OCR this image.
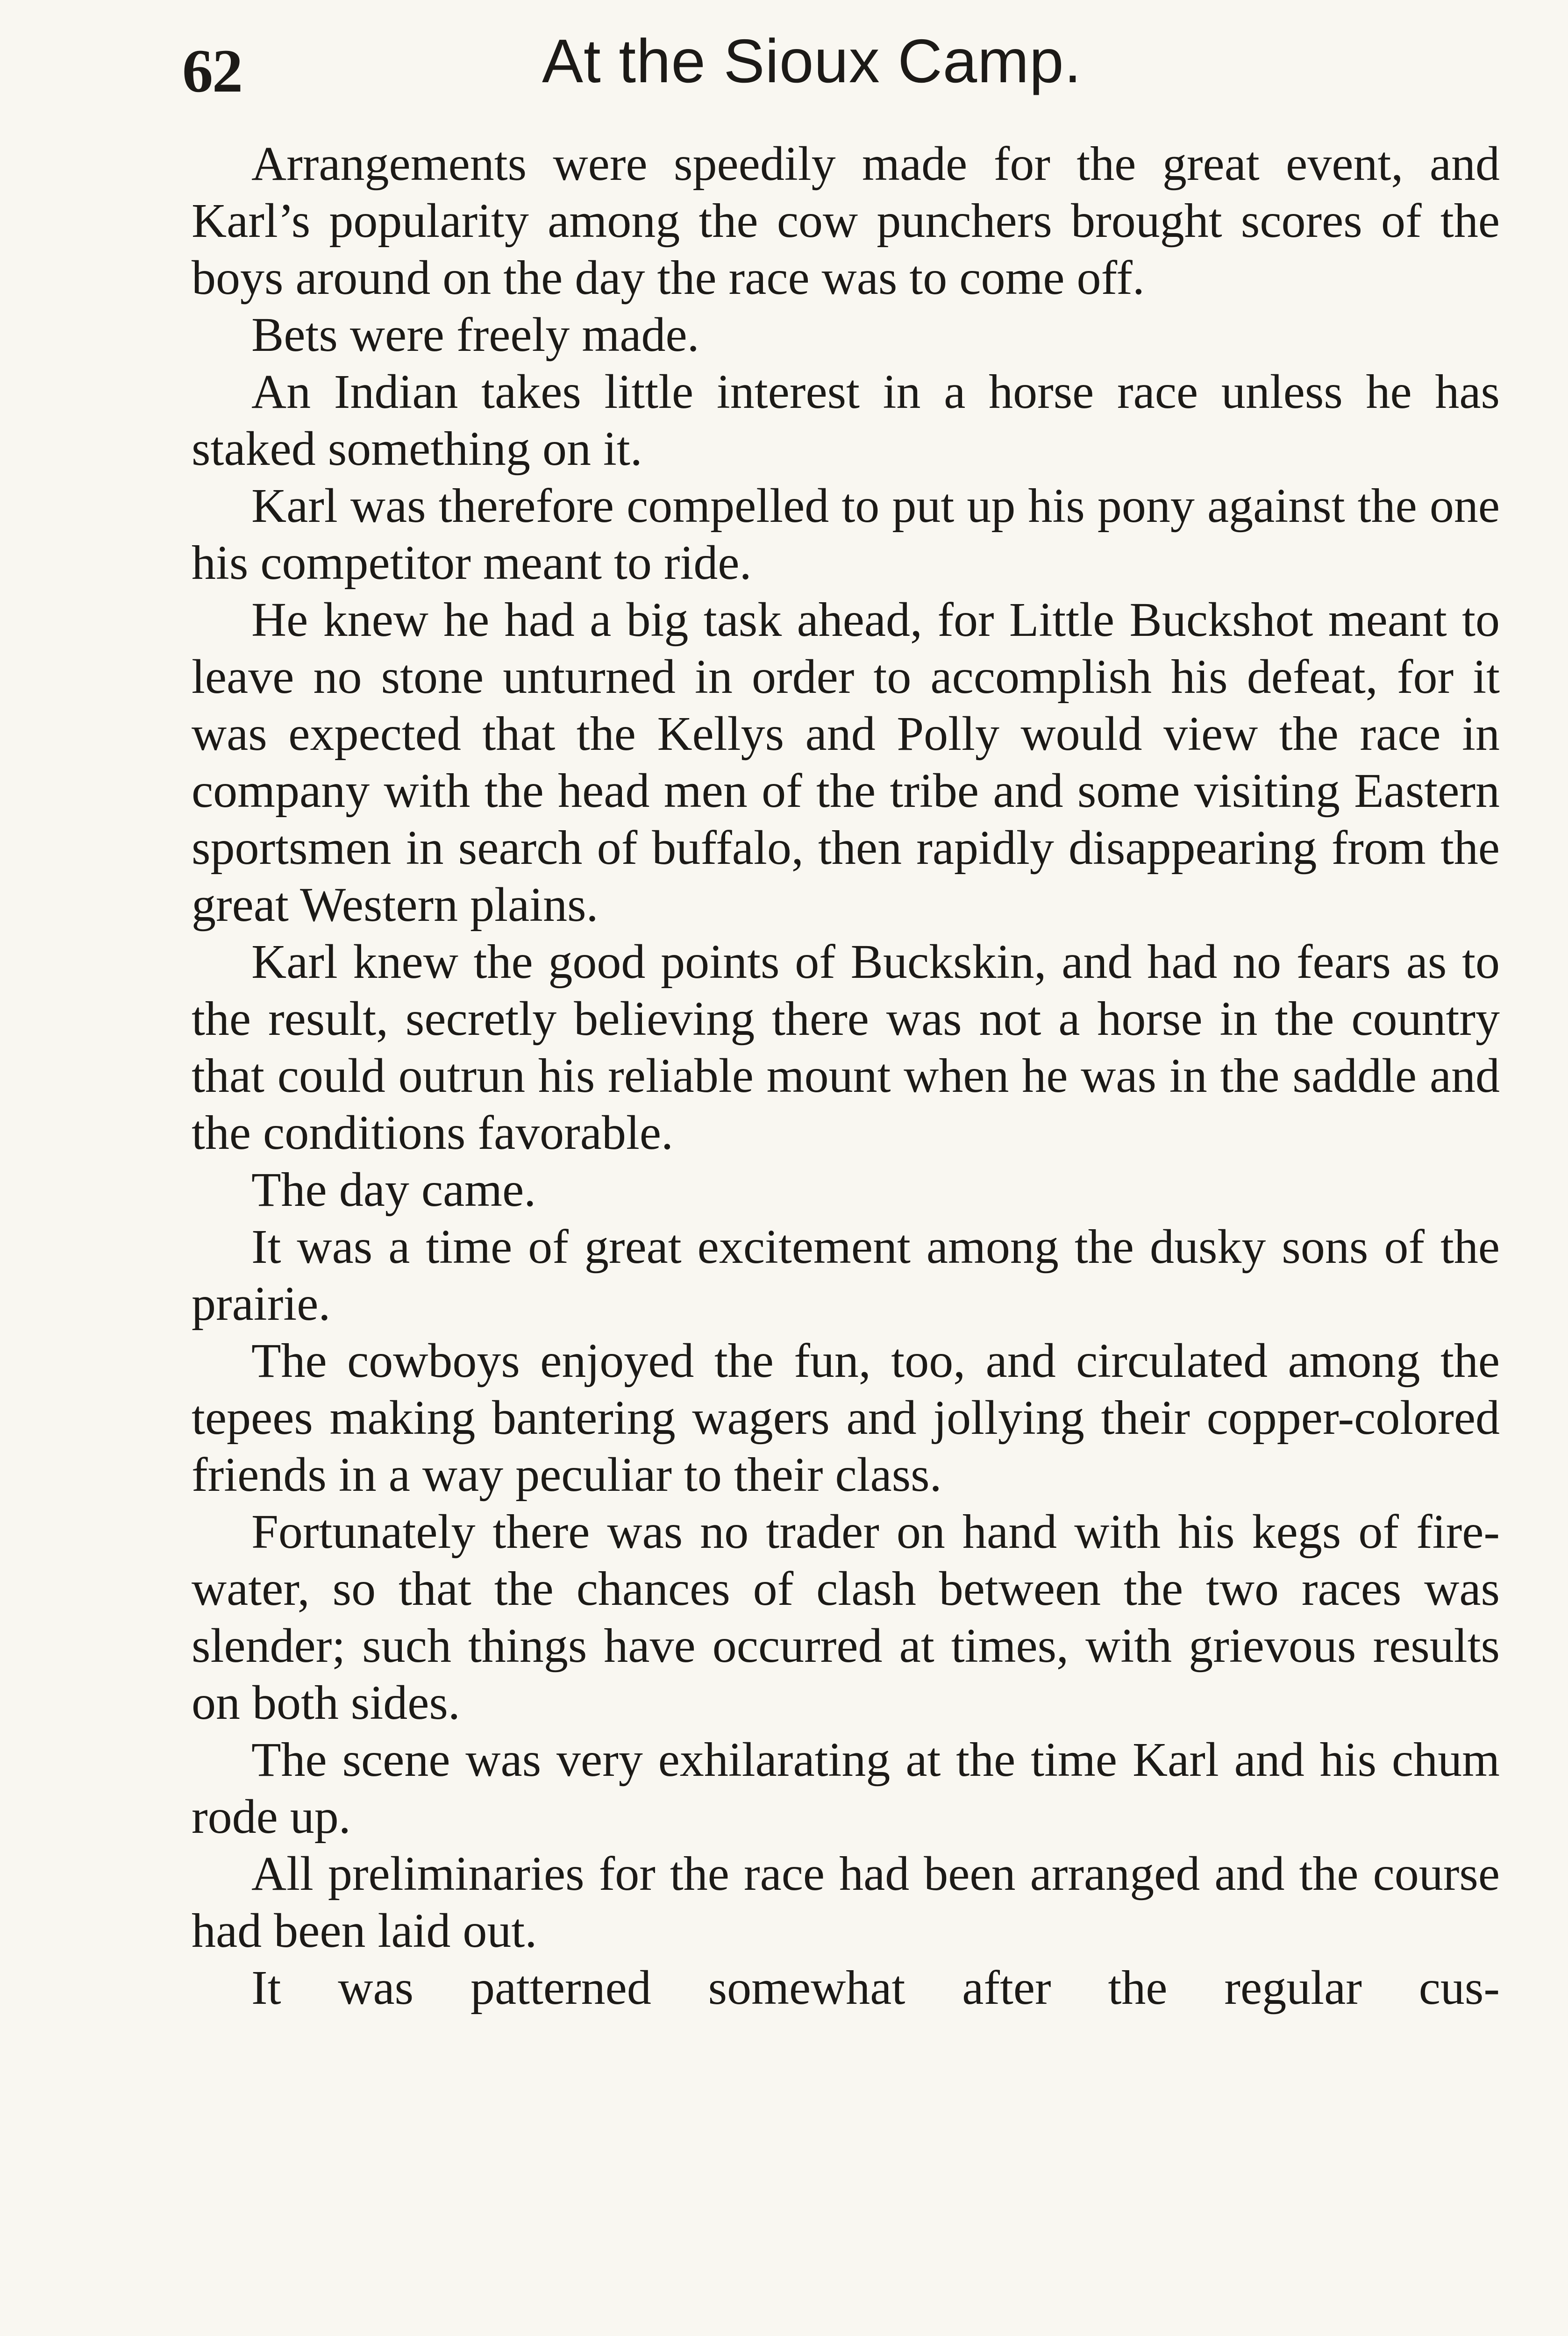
62	At the Sioux Camp.

Arrangements were speedily made for the great event, and Karl’s popularity among the cow punchers brought scores of the boys around on the day the race was to come off.

Bets were freely made.

An Indian takes little interest in a horse race unless he has staked something on it.

Karl was therefore compelled to put up his pony against the one his competitor meant to ride.

He knew he had a big task ahead, for Little Buckshot meant to leave no stone unturned in order to accomplish his defeat, for it was expected that the Kellys and Polly would view the race in company with the head men of the tribe and some visiting Eastern sportsmen in search of buffalo, then rapidly disappearing from the great Western plains.

Karl knew the good points of Buckskin, and had no fears as to the result, secretly believing there was not a horse in the country that could outrun his reliable mount when he was in the saddle and the conditions favorable.

The day came.

It was a time of great excitement among the dusky sons of the prairie.

The cowboys enjoyed the fun, too, and circulated among the tepees making bantering wagers and jollying their copper-colored friends in a way peculiar to their class.

Fortunately there was no trader on hand with his kegs of fire-water, so that the chances of clash between the two races was slender; such things have occurred at times, with grievous results on both sides.

The scene was very exhilarating at the time Karl and his chum rode up.

All preliminaries for the race had been arranged and the course had been laid out.

It was patterned somewhat after the regular cus-
